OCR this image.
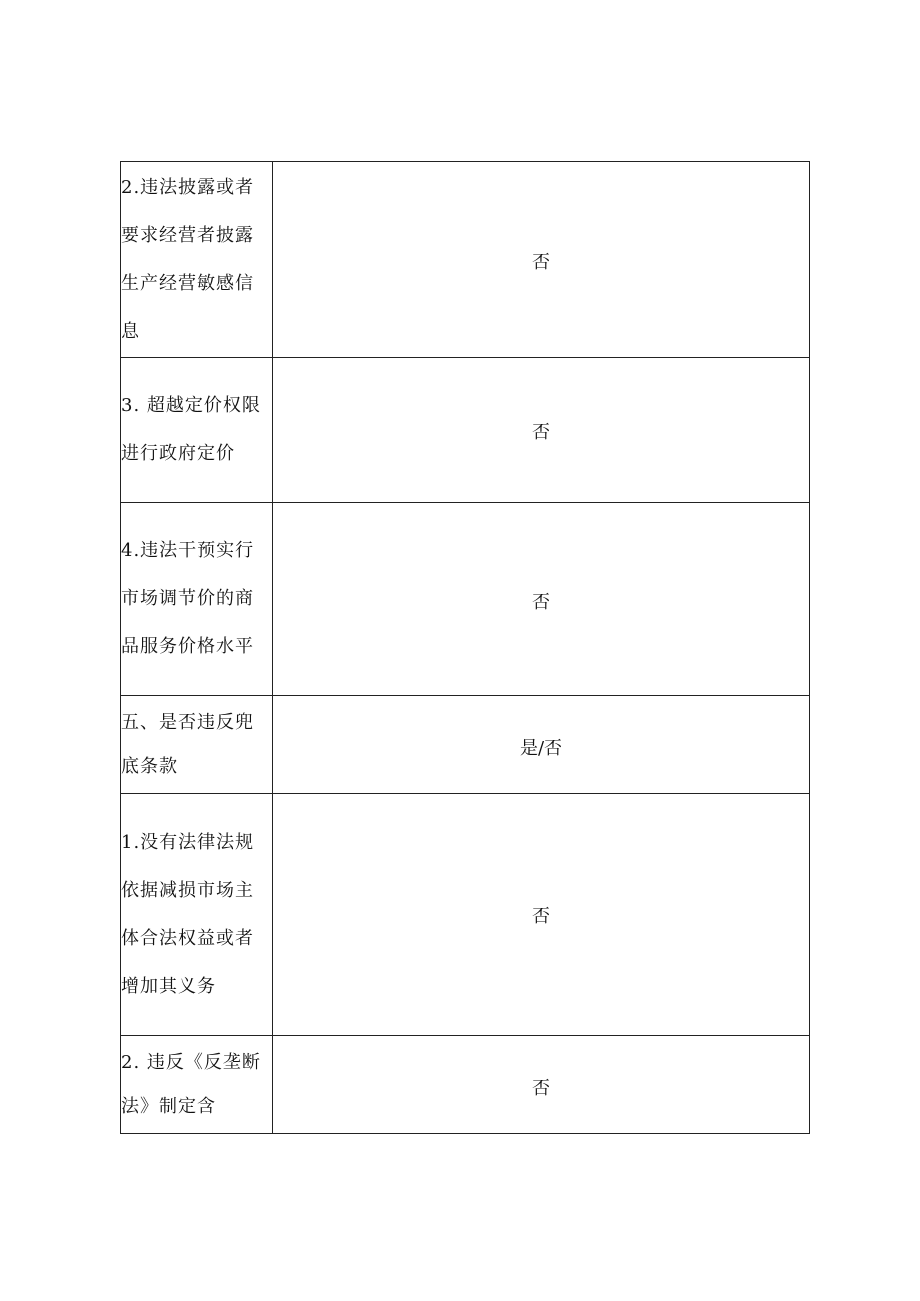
2.违法披露或者要求经营者披露生产经营敏感信息	否
3. 超越定价权限进行政府定价	否
4.违法干预实行市场调节价的商品服务价格水平	否
五、是否违反兜底条款	是/否
1.没有法律法规依据减损市场主体合法权益或者增加其义务	否
2. 违反《反垄断法》制定含	否
